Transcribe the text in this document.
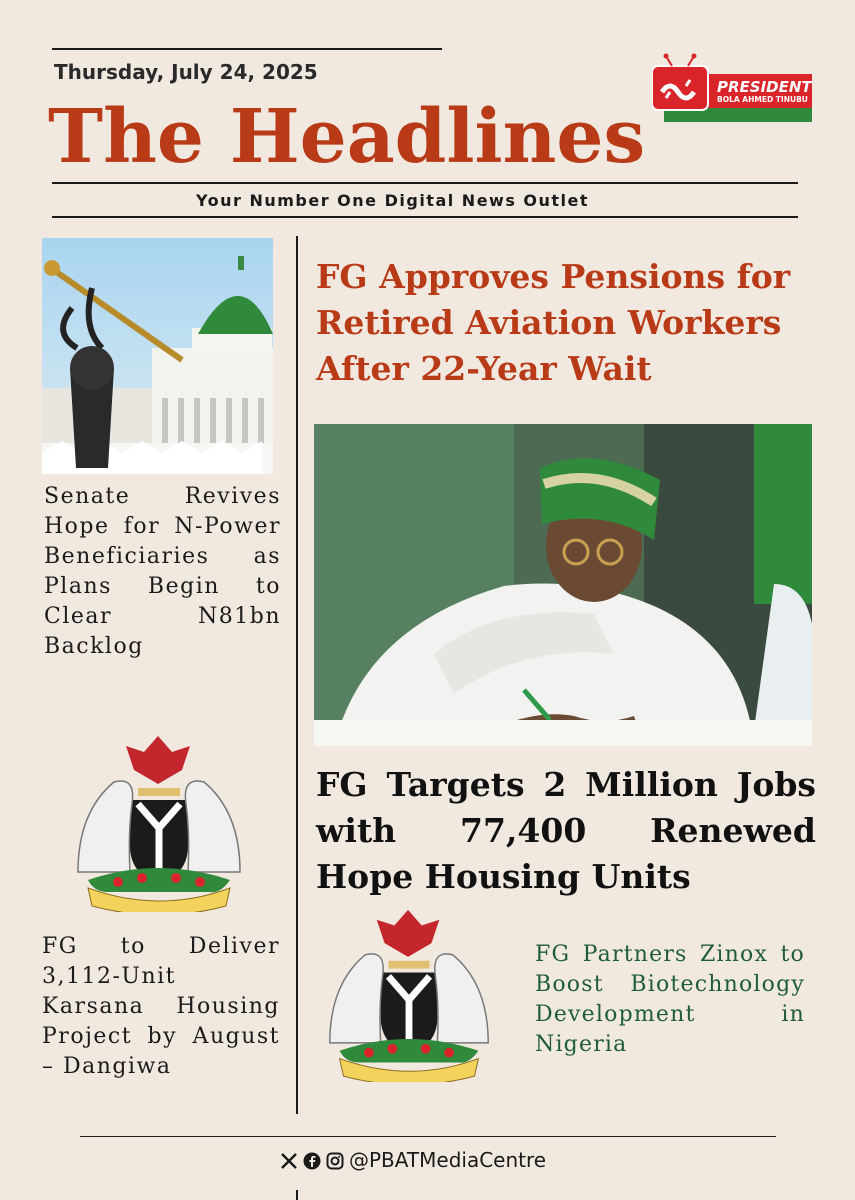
Thursday, July 24, 2025
The Headlines
Your Number One Digital News Outlet
PRESIDENT
BOLA AHMED TINUBU
MEDIA CENTRE
Senate Revives Hope for N-Power Beneficiaries as Plans Begin to Clear N81bn Backlog
FG to Deliver 3,112-Unit Karsana Housing Project by August – Dangiwa
FG Approves Pensions for Retired Aviation Workers After 22-Year Wait
FG Targets 2 Million Jobs with 77,400 Renewed Hope Housing Units
FG Partners Zinox to Boost Biotechnology Development in Nigeria
@PBATMediaCentre
